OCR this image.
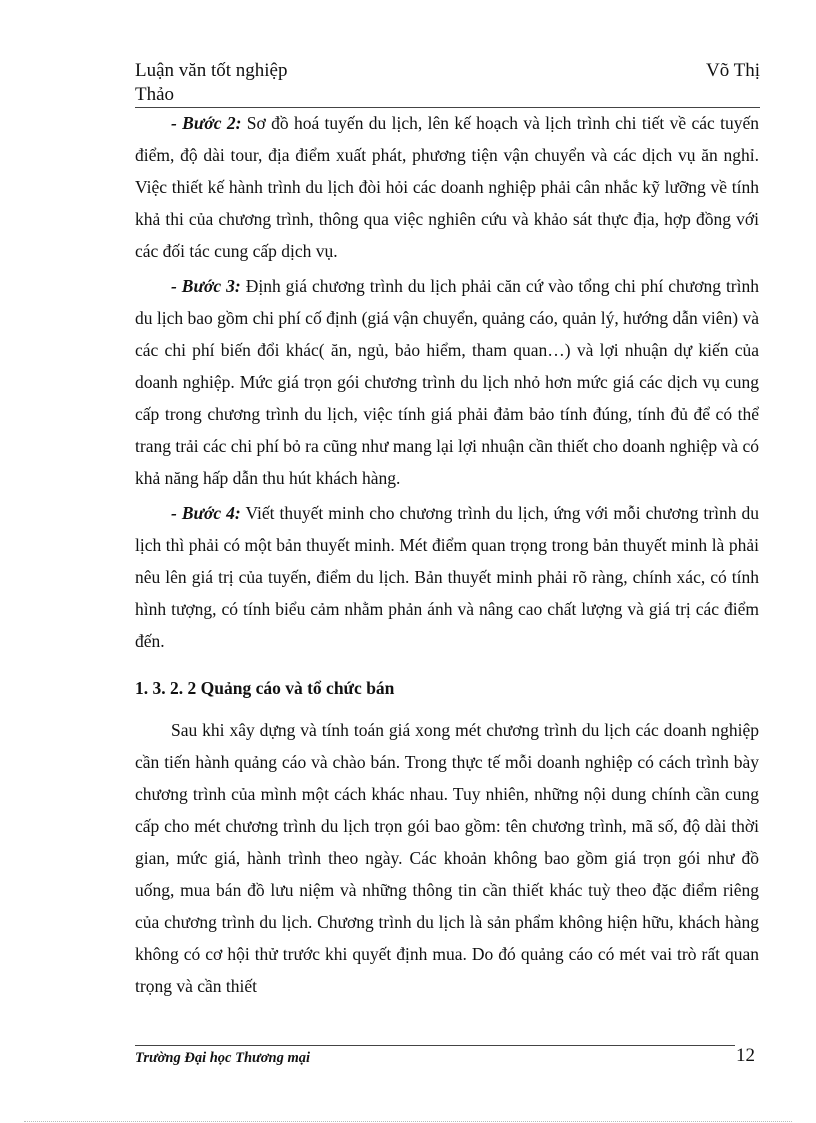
Luận văn tốt nghiệp	Võ Thị
Thảo

- Bước 2: Sơ đồ hoá tuyến du lịch, lên kế hoạch và lịch trình chi tiết về các tuyến điểm, độ dài tour, địa điểm xuất phát, phương tiện vận chuyển và các dịch vụ ăn nghỉ. Việc thiết kế hành trình du lịch đòi hỏi các doanh nghiệp phải cân nhắc kỹ lưỡng về tính khả thi của chương trình, thông qua việc nghiên cứu và khảo sát thực địa, hợp đồng với các đối tác cung cấp dịch vụ.

- Bước 3: Định giá chương trình du lịch phải căn cứ vào tổng chi phí chương trình du lịch bao gồm chi phí cố định (giá vận chuyển, quảng cáo, quản lý, hướng dẫn viên) và các chi phí biến đổi khác( ăn, ngủ, bảo hiểm, tham quan…) và lợi nhuận dự kiến của doanh nghiệp. Mức giá trọn gói chương trình du lịch nhỏ hơn mức giá các dịch vụ cung cấp trong chương trình du lịch, việc tính giá phải đảm bảo tính đúng, tính đủ để có thể trang trải các chi phí bỏ ra cũng như mang lại lợi nhuận cần thiết cho doanh nghiệp và có khả năng hấp dẫn thu hút khách hàng.

- Bước 4: Viết thuyết minh cho chương trình du lịch, ứng với mỗi chương trình du lịch thì phải có một bản thuyết minh. Mét điểm quan trọng trong bản thuyết minh là phải nêu lên giá trị của tuyến, điểm du lịch. Bản thuyết minh phải rõ ràng, chính xác, có tính hình tượng, có tính biểu cảm nhằm phản ánh và nâng cao chất lượng và giá trị các điểm đến.

1. 3. 2. 2 Quảng cáo và tổ chức bán

Sau khi xây dựng và tính toán giá xong mét chương trình du lịch các doanh nghiệp cần tiến hành quảng cáo và chào bán. Trong thực tế mỗi doanh nghiệp có cách trình bày chương trình của mình một cách khác nhau. Tuy nhiên, những nội dung chính cần cung cấp cho mét chương trình du lịch trọn gói bao gồm: tên chương trình, mã số, độ dài thời gian, mức giá, hành trình theo ngày. Các khoản không bao gồm giá trọn gói như đồ uống, mua bán đồ lưu niệm và những thông tin cần thiết khác tuỳ theo đặc điểm riêng của chương trình du lịch. Chương trình du lịch là sản phẩm không hiện hữu, khách hàng không có cơ hội thử trước khi quyết định mua. Do đó quảng cáo có mét vai trò rất quan trọng và cần thiết

Trường Đại học Thương mại	12
